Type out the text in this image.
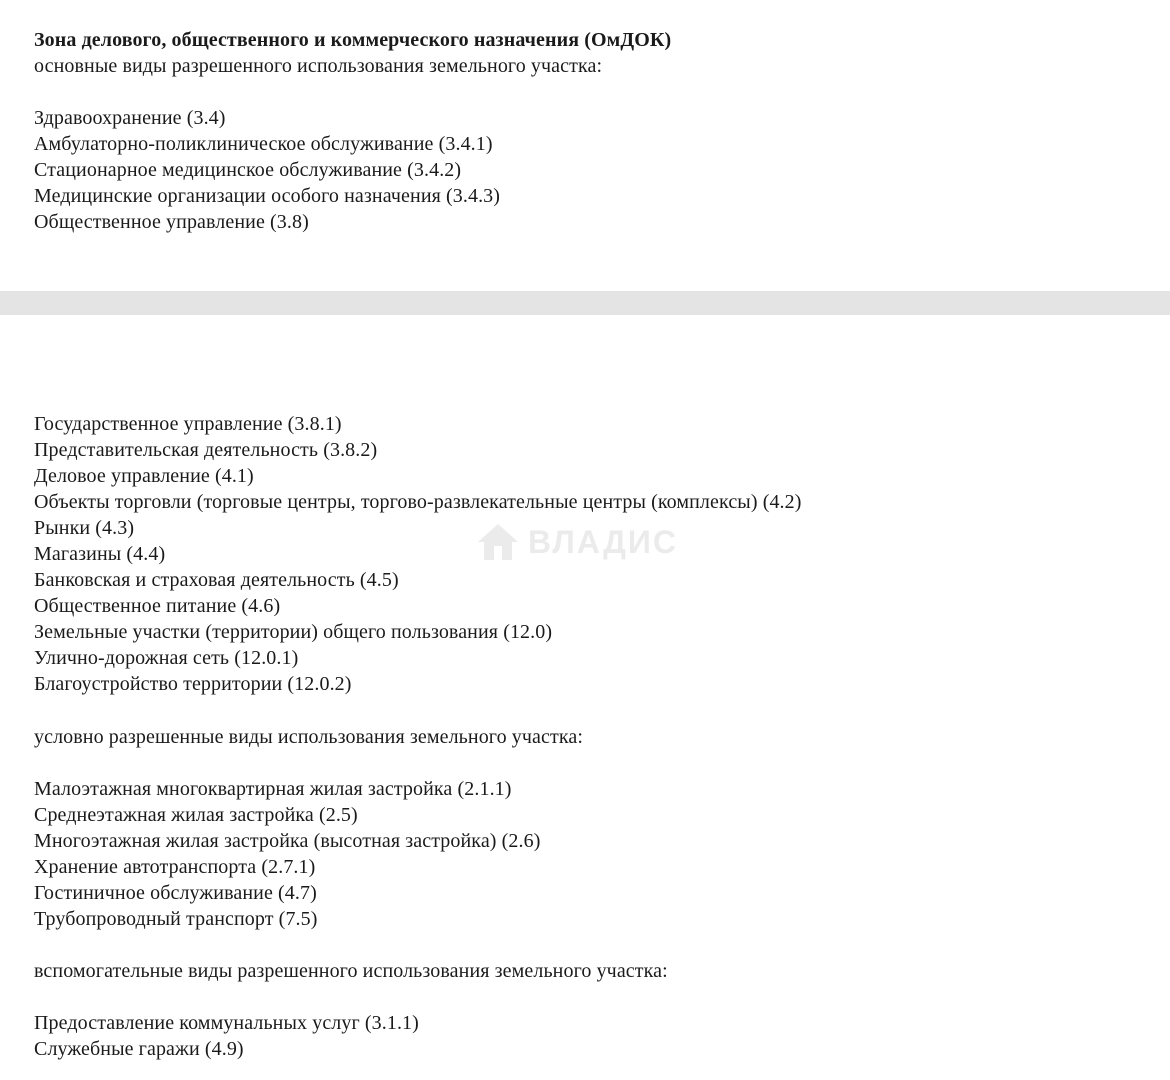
Зона делового, общественного и коммерческого назначения (ОмДОК)
основные виды разрешенного использования земельного участка:
Здравоохранение (3.4)
Амбулаторно-поликлиническое обслуживание (3.4.1)
Стационарное медицинское обслуживание (3.4.2)
Медицинские организации особого назначения (3.4.3)
Общественное управление (3.8)
Государственное управление (3.8.1)
Представительская деятельность (3.8.2)
Деловое управление (4.1)
Объекты торговли (торговые центры, торгово-развлекательные центры (комплексы) (4.2)
Рынки (4.3)
Магазины (4.4)
Банковская и страховая деятельность (4.5)
Общественное питание (4.6)
Земельные участки (территории) общего пользования (12.0)
Улично-дорожная сеть (12.0.1)
Благоустройство территории (12.0.2)
условно разрешенные виды использования земельного участка:
Малоэтажная многоквартирная жилая застройка (2.1.1)
Среднеэтажная жилая застройка (2.5)
Многоэтажная жилая застройка (высотная застройка) (2.6)
Хранение автотранспорта (2.7.1)
Гостиничное обслуживание (4.7)
Трубопроводный транспорт (7.5)
вспомогательные виды разрешенного использования земельного участка:
Предоставление коммунальных услуг (3.1.1)
Служебные гаражи (4.9)
